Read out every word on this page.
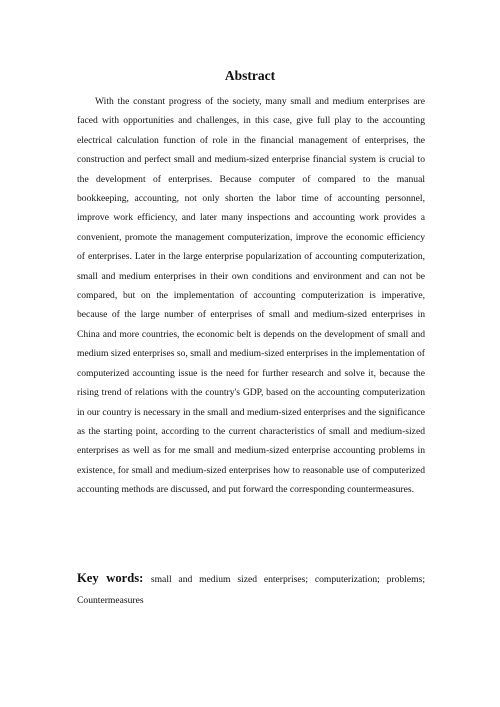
Abstract

With the constant progress of the society, many small and medium enterprises are faced with opportunities and challenges, in this case, give full play to the accounting electrical calculation function of role in the financial management of enterprises, the construction and perfect small and medium-sized enterprise financial system is crucial to the development of enterprises. Because computer of compared to the manual bookkeeping, accounting, not only shorten the labor time of accounting personnel, improve work efficiency, and later many inspections and accounting work provides a convenient, promote the management computerization, improve the economic efficiency of enterprises. Later in the large enterprise popularization of accounting computerization, small and medium enterprises in their own conditions and environment and can not be compared, but on the implementation of accounting computerization is imperative, because of the large number of enterprises of small and medium-sized enterprises in China and more countries, the economic belt is depends on the development of small and medium sized enterprises so, small and medium-sized enterprises in the implementation of computerized accounting issue is the need for further research and solve it, because the rising trend of relations with the country's GDP, based on the accounting computerization in our country is necessary in the small and medium-sized enterprises and the significance as the starting point, according to the current characteristics of small and medium-sized enterprises as well as for me small and medium-sized enterprise accounting problems in existence, for small and medium-sized enterprises how to reasonable use of computerized accounting methods are discussed, and put forward the corresponding countermeasures.

Key words: small and medium sized enterprises; computerization; problems; Countermeasures
